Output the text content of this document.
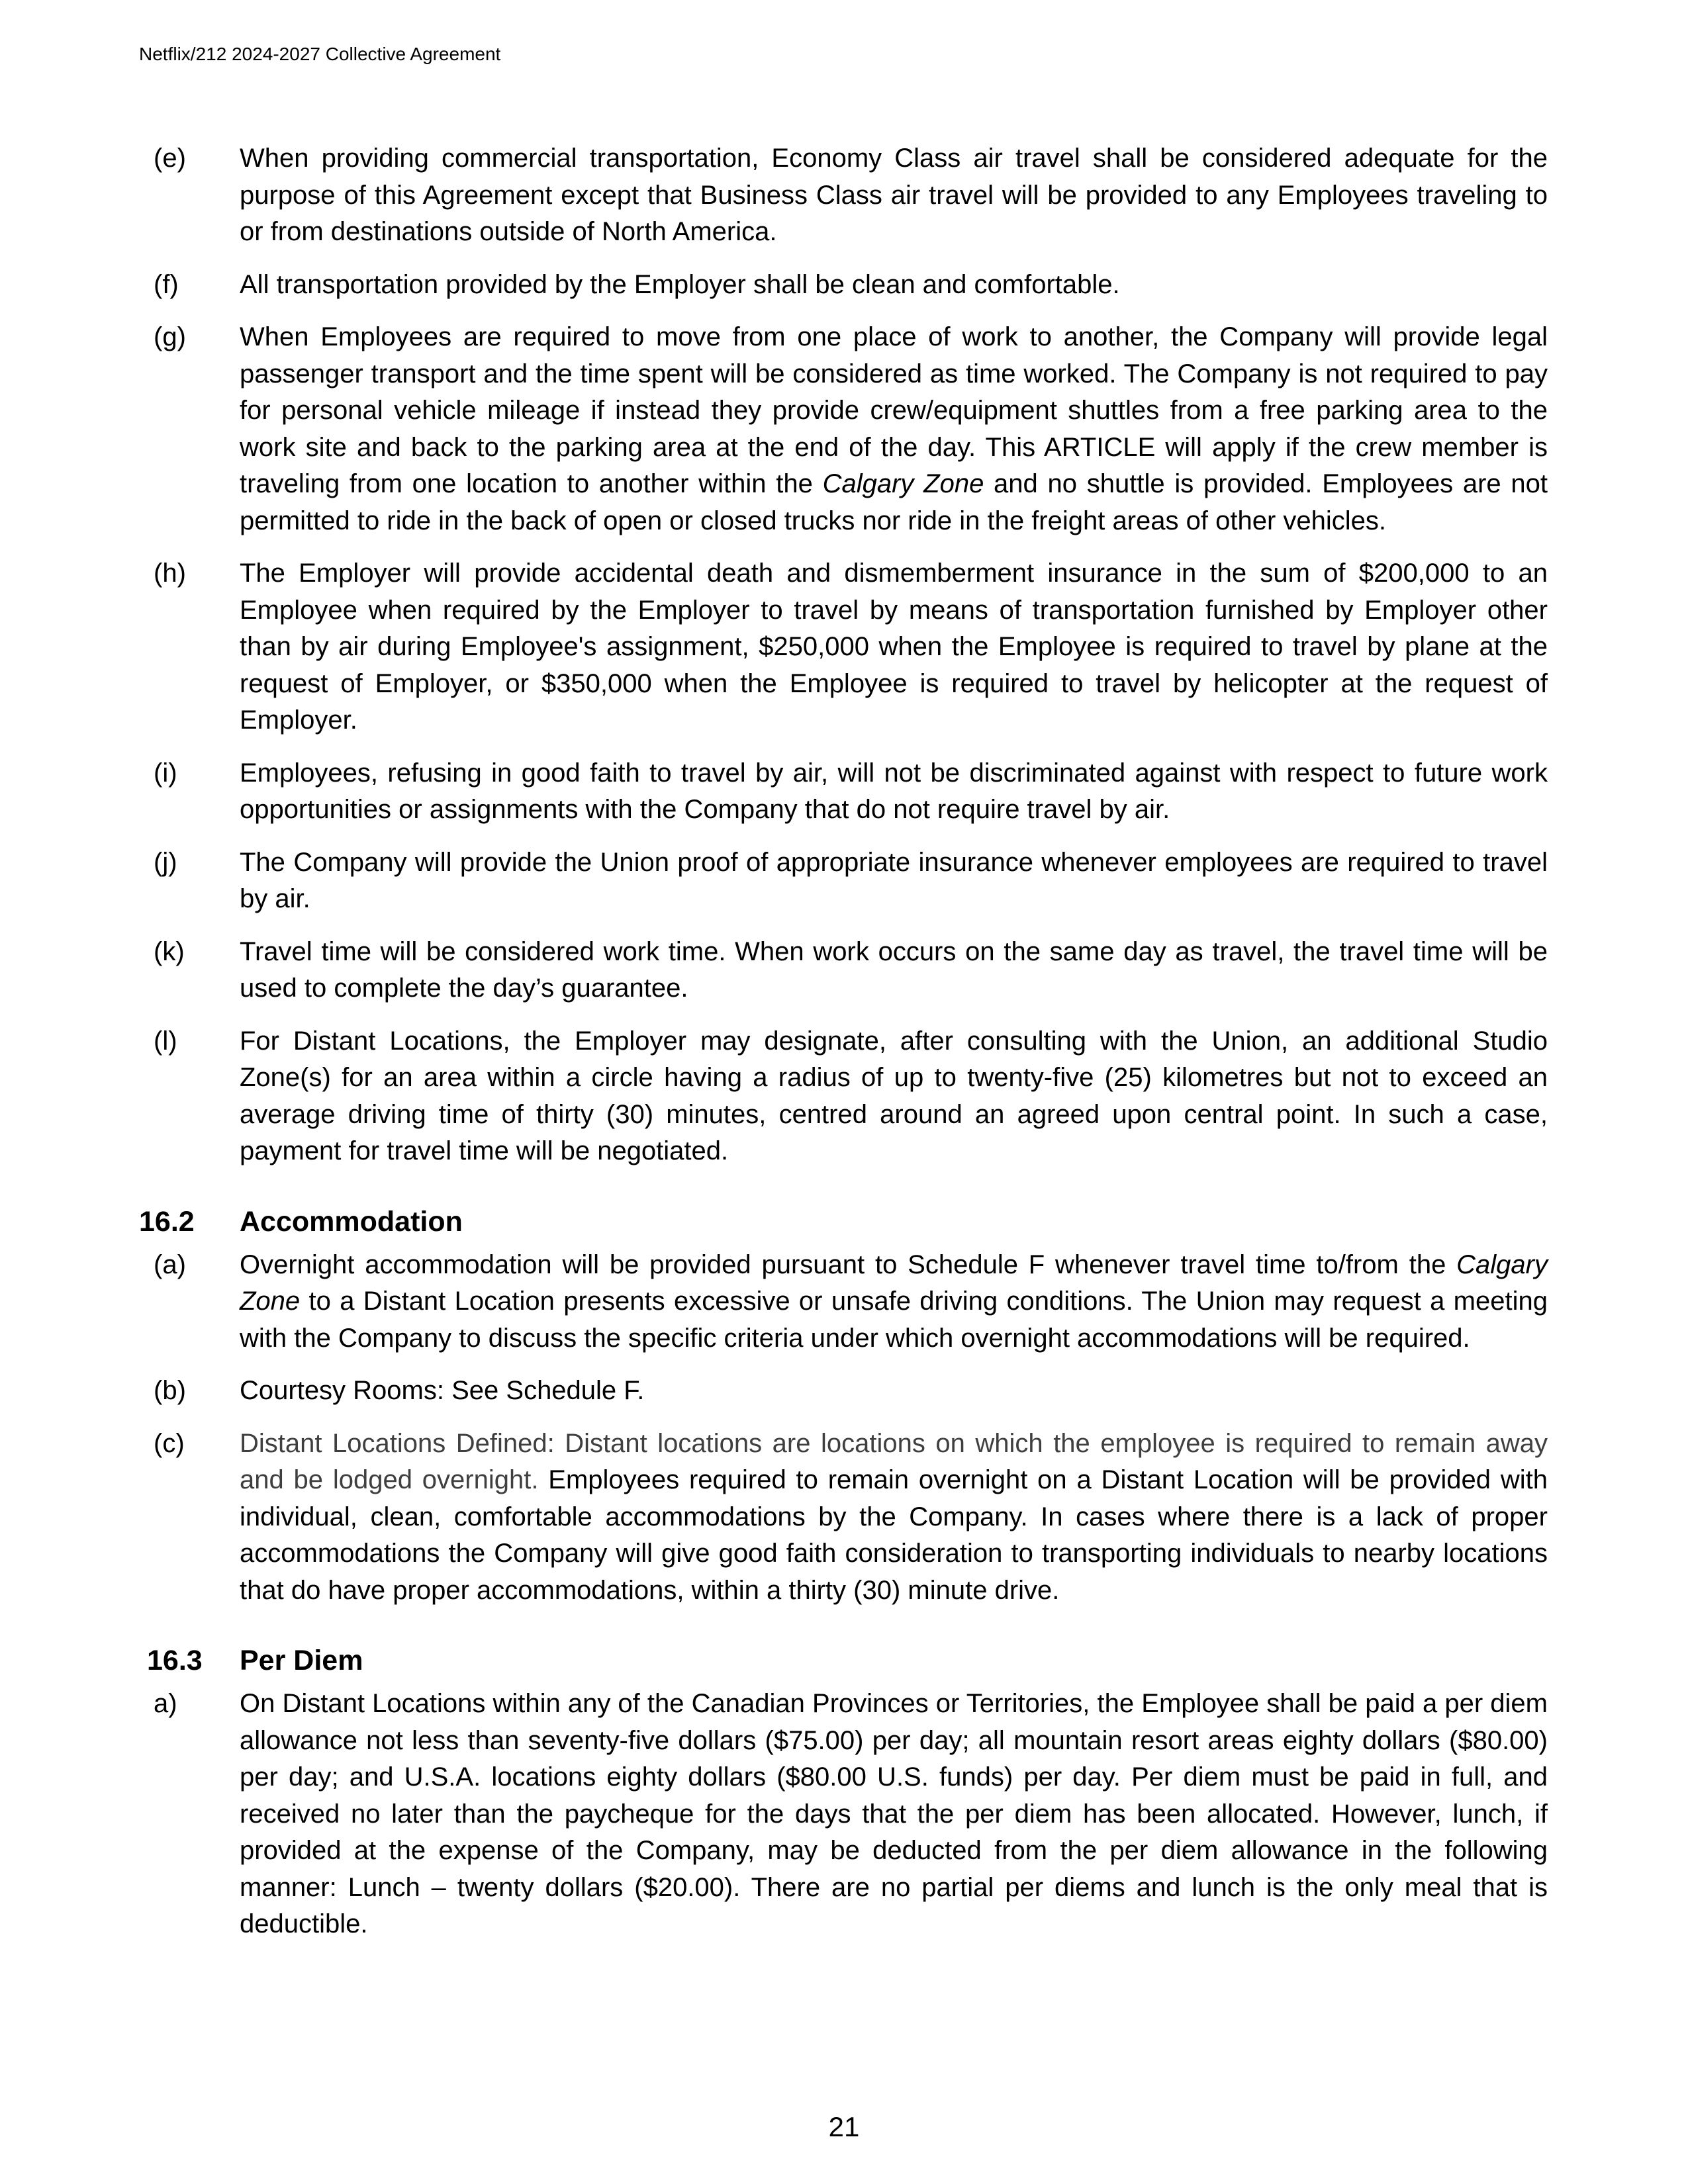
Netflix/212 2024-2027 Collective Agreement
(e)	When providing commercial transportation, Economy Class air travel shall be considered adequate for the purpose of this Agreement except that Business Class air travel will be provided to any Employees traveling to or from destinations outside of North America.
(f)	All transportation provided by the Employer shall be clean and comfortable.
(g)	When Employees are required to move from one place of work to another, the Company will provide legal passenger transport and the time spent will be considered as time worked. The Company is not required to pay for personal vehicle mileage if instead they provide crew/equipment shuttles from a free parking area to the work site and back to the parking area at the end of the day. This ARTICLE will apply if the crew member is traveling from one location to another within the Calgary Zone and no shuttle is provided. Employees are not permitted to ride in the back of open or closed trucks nor ride in the freight areas of other vehicles.
(h)	The Employer will provide accidental death and dismemberment insurance in the sum of $200,000 to an Employee when required by the Employer to travel by means of transportation furnished by Employer other than by air during Employee's assignment, $250,000 when the Employee is required to travel by plane at the request of Employer, or $350,000 when the Employee is required to travel by helicopter at the request of Employer.
(i)	Employees, refusing in good faith to travel by air, will not be discriminated against with respect to future work opportunities or assignments with the Company that do not require travel by air.
(j)	The Company will provide the Union proof of appropriate insurance whenever employees are required to travel by air.
(k)	Travel time will be considered work time. When work occurs on the same day as travel, the travel time will be used to complete the day’s guarantee.
(l)	For Distant Locations, the Employer may designate, after consulting with the Union, an additional Studio Zone(s) for an area within a circle having a radius of up to twenty-five (25) kilometres but not to exceed an average driving time of thirty (30) minutes, centred around an agreed upon central point. In such a case, payment for travel time will be negotiated.
16.2	Accommodation
(a)	Overnight accommodation will be provided pursuant to Schedule F whenever travel time to/from the Calgary Zone to a Distant Location presents excessive or unsafe driving conditions. The Union may request a meeting with the Company to discuss the specific criteria under which overnight accommodations will be required.
(b)	Courtesy Rooms: See Schedule F.
(c)	Distant Locations Defined: Distant locations are locations on which the employee is required to remain away and be lodged overnight. Employees required to remain overnight on a Distant Location will be provided with individual, clean, comfortable accommodations by the Company. In cases where there is a lack of proper accommodations the Company will give good faith consideration to transporting individuals to nearby locations that do have proper accommodations, within a thirty (30) minute drive.
16.3	Per Diem
a)	On Distant Locations within any of the Canadian Provinces or Territories, the Employee shall be paid a per diem allowance not less than seventy-five dollars ($75.00) per day; all mountain resort areas eighty dollars ($80.00) per day; and U.S.A. locations eighty dollars ($80.00 U.S. funds) per day. Per diem must be paid in full, and received no later than the paycheque for the days that the per diem has been allocated. However, lunch, if provided at the expense of the Company, may be deducted from the per diem allowance in the following manner: Lunch – twenty dollars ($20.00). There are no partial per diems and lunch is the only meal that is deductible.
21
